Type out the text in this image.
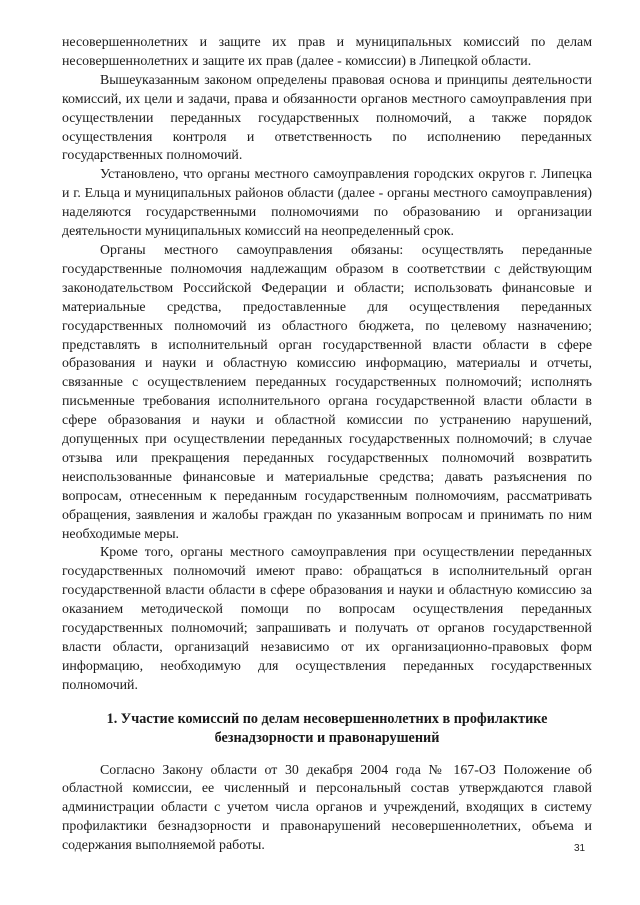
несовершеннолетних и защите их прав и муниципальных комиссий по делам несовершеннолетних и защите их прав (далее - комиссии) в Липецкой области.

Вышеуказанным законом определены правовая основа и принципы деятельности комиссий, их цели и задачи, права и обязанности органов местного самоуправления при осуществлении переданных государственных полномочий, а также порядок осуществления контроля и ответственность по исполнению переданных государственных полномочий.

Установлено, что органы местного самоуправления городских округов г. Липецка и г. Ельца и муниципальных районов области (далее - органы местного самоуправления) наделяются государственными полномочиями по образованию и организации деятельности муниципальных комиссий на неопределенный срок.

Органы местного самоуправления обязаны: осуществлять переданные государственные полномочия надлежащим образом в соответствии с действующим законодательством Российской Федерации и области; использовать финансовые и материальные средства, предоставленные для осуществления переданных государственных полномочий из областного бюджета, по целевому назначению; представлять в исполнительный орган государственной власти области в сфере образования и науки и областную комиссию информацию, материалы и отчеты, связанные с осуществлением переданных государственных полномочий; исполнять письменные требования исполнительного органа государственной власти области в сфере образования и науки и областной комиссии по устранению нарушений, допущенных при осуществлении переданных государственных полномочий; в случае отзыва или прекращения переданных государственных полномочий возвратить неиспользованные финансовые и материальные средства; давать разъяснения по вопросам, отнесенным к переданным государственным полномочиям, рассматривать обращения, заявления и жалобы граждан по указанным вопросам и принимать по ним необходимые меры.

Кроме того, органы местного самоуправления при осуществлении переданных государственных полномочий имеют право: обращаться в исполнительный орган государственной власти области в сфере образования и науки и областную комиссию за оказанием методической помощи по вопросам осуществления переданных государственных полномочий; запрашивать и получать от органов государственной власти области, организаций независимо от их организационно-правовых форм информацию, необходимую для осуществления переданных государственных полномочий.

1. Участие комиссий по делам несовершеннолетних в профилактике безнадзорности и правонарушений

Согласно Закону области от 30 декабря 2004 года № 167-ОЗ Положение об областной комиссии, ее численный и персональный состав утверждаются главой администрации области с учетом числа органов и учреждений, входящих в систему профилактики безнадзорности и правонарушений несовершеннолетних, объема и содержания выполняемой работы.	31
